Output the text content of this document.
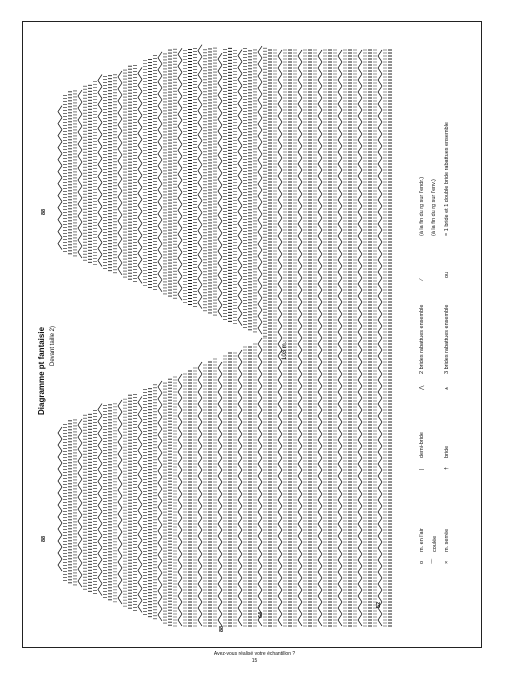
Diagramme pt fantaisie Devant taille 2)	103 m.
88
88
88
64
52
o
m. en l'air
⌒
coulée
×
m. serrée
|
demi-bride
†
bride
⋀
2 brides rabattues ensemble
⩚
3 brides rabattues ensemble
⁄
(à la fin du rg sur l'endr.)
ou
(à la fin du rg sur l'env.) = 1 bride et 1 double bride rabattues ensemble
Avez-vous réalisé votre échantillon ?
15
